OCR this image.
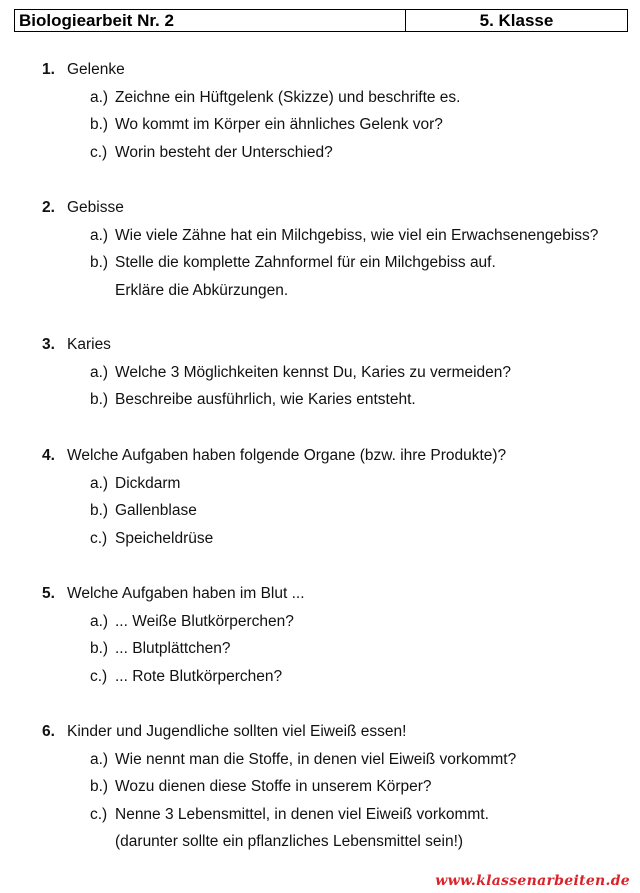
Biologiearbeit Nr. 2	5. Klasse
1. Gelenke
a.) Zeichne ein Hüftgelenk (Skizze) und beschrifte es.
b.) Wo kommt im Körper ein ähnliches Gelenk vor?
c.) Worin besteht der Unterschied?
2. Gebisse
a.) Wie viele Zähne hat ein Milchgebiss, wie viel ein Erwachsenengebiss?
b.) Stelle die komplette Zahnformel für ein Milchgebiss auf.
Erkläre die Abkürzungen.
3. Karies
a.) Welche 3 Möglichkeiten kennst Du, Karies zu vermeiden?
b.) Beschreibe ausführlich, wie Karies entsteht.
4. Welche Aufgaben haben folgende Organe (bzw. ihre Produkte)?
a.) Dickdarm
b.) Gallenblase
c.) Speicheldrüse
5. Welche Aufgaben haben im Blut ...
a.) ... Weiße Blutkörperchen?
b.) ... Blutplättchen?
c.) ... Rote Blutkörperchen?
6. Kinder und Jugendliche sollten viel Eiweiß essen!
a.) Wie nennt man die Stoffe, in denen viel Eiweiß vorkommt?
b.) Wozu dienen diese Stoffe in unserem Körper?
c.) Nenne 3 Lebensmittel, in denen viel Eiweiß vorkommt.
(darunter sollte ein pflanzliches Lebensmittel sein!)
www.klassenarbeiten.de
